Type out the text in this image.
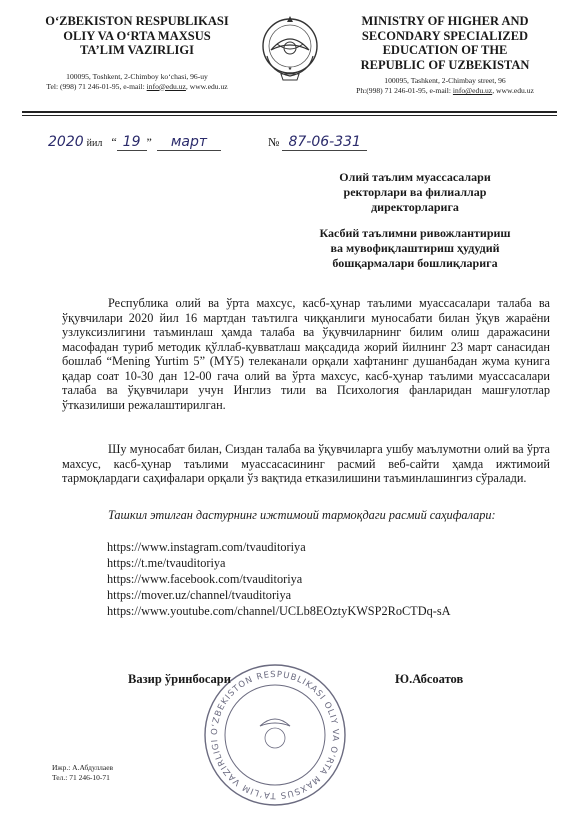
O‘ZBEKISTON RESPUBLIKASI

OLIY VA O‘RTA MAXSUS

TA’LIM VAZIRLIGI

100095, Toshkent, 2-Chimboy ko‘chasi, 96-uy
Tel: (998) 71 246-01-95, e-mail: info@edu.uz, www.edu.uz
★

MINISTRY OF HIGHER AND

SECONDARY SPECIALIZED

EDUCATION OF THE

REPUBLIC OF UZBEKISTAN

100095, Tashkent, 2-Chimbay street, 96
Ph:(998) 71 246-01-95, e-mail: info@edu.uz, www.edu.uz
2020 йил “ 19 ” март	№ 87-06-331
Олий таълим муассасалари
ректорлари ва филиаллар
директорларига
Касбий таълимни ривожлантириш
ва мувофиқлаштириш ҳудудий
бошқармалари бошлиқларига
Республика олий ва ўрта махсус, касб-ҳунар таълими муассасалари талаба ва ўқувчилари 2020 йил 16 мартдан таътилга чиққанлиги муносабати билан ўқув жараёни узлуксизлигини таъминлаш ҳамда талаба ва ўқувчиларнинг билим олиш даражасини масофадан туриб методик қўллаб-қувватлаш мақсадида жорий йилнинг 23 март санасидан бошлаб “Mening Yurtim 5” (MY5) телеканали орқали хафтанинг душанбадан жума кунига қадар соат 10-30 дан 12-00 гача олий ва ўрта махсус, касб-ҳунар таълими муассасалари талаба ва ўқувчилари учун Инглиз тили ва Психология фанларидан машғулотлар ўтказилиши режалаштирилган.
Шу муносабат билан, Сиздан талаба ва ўқувчиларга ушбу маълумотни олий ва ўрта махсус, касб-ҳунар таълими муассасасининг расмий веб-сайти ҳамда ижтимоий тармоқлардаги саҳифалари орқали ўз вақтида етказилишини таъминлашингиз сўралади.
Ташкил этилган дастурнинг ижтимоий тармоқдаги расмий саҳифалари:
https://www.instagram.com/tvauditoriya
https://t.me/tvauditoriya
https://www.facebook.com/tvauditoriya
https://mover.uz/channel/tvauditoriya
https://www.youtube.com/channel/UCLb8EOztyKWSP2RoCTDq-sA
O‘ZBEKISTON RESPUBLIKASI OLIY VA O‘RTA MAXSUS TA’LIM VAZIRLIGI
Вазир ўринбосари	Ю.Абсоатов
Ижр.: А.Абдуллаев
Тел.: 71 246-10-71
